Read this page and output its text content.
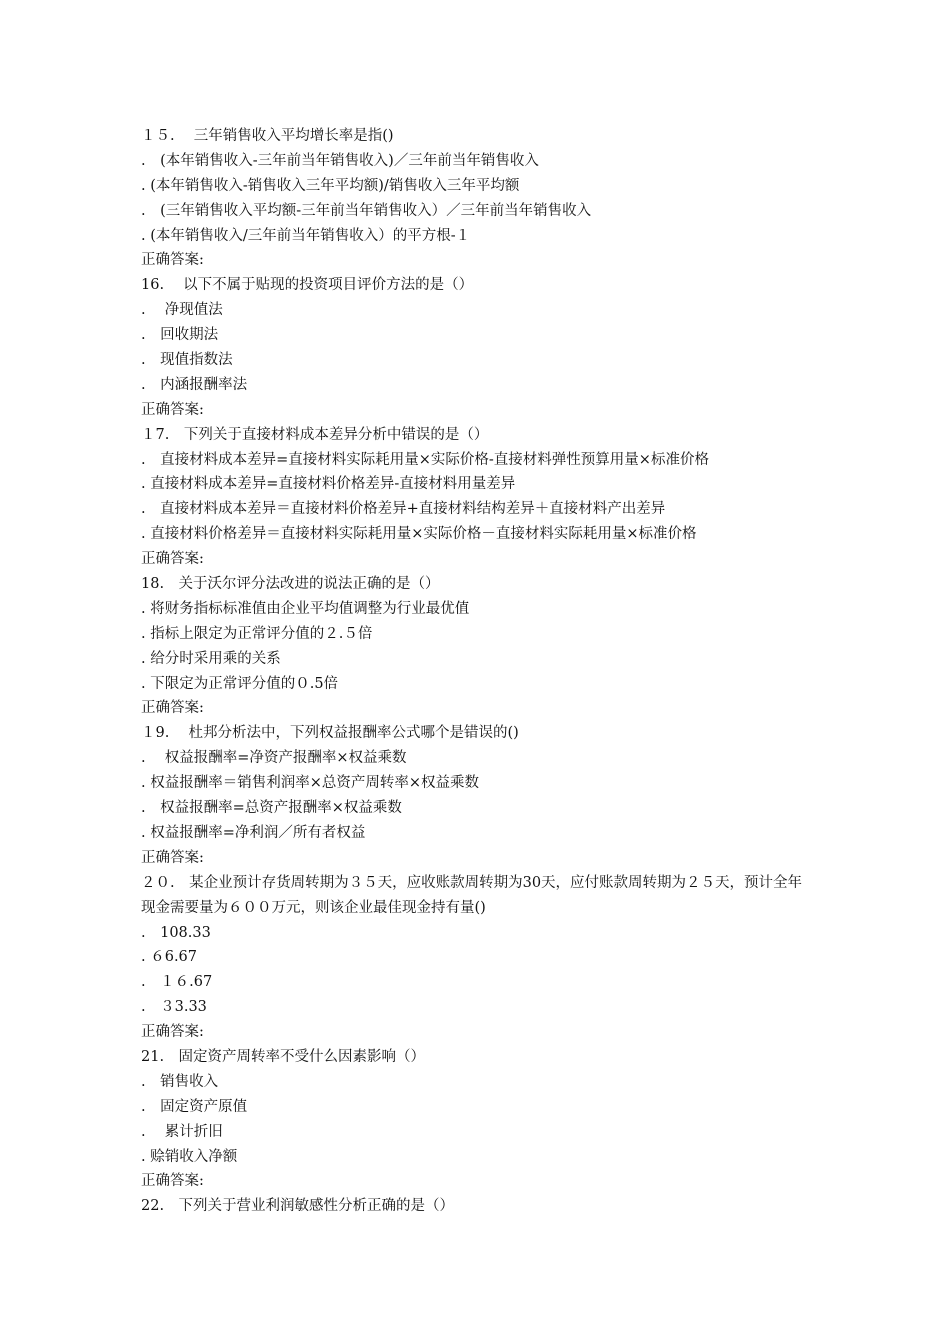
１５.　 三年销售收入平均增长率是指()
.　(本年销售收入-三年前当年销售收入)／三年前当年销售收入
. (本年销售收入-销售收入三年平均额)/销售收入三年平均额
.　(三年销售收入平均额-三年前当年销售收入）／三年前当年销售收入
. (本年销售收入/三年前当年销售收入）的平方根-１
正确答案:
16.　 以下不属于贴现的投资项目评价方法的是（）
.　 净现值法
.　回收期法
.　现值指数法
.　内涵报酬率法
正确答案:
１7.　下列关于直接材料成本差异分析中错误的是（）
.　直接材料成本差异=直接材料实际耗用量×实际价格-直接材料弹性预算用量×标准价格
. 直接材料成本差异=直接材料价格差异-直接材料用量差异
.　直接材料成本差异＝直接材料价格差异+直接材料结构差异＋直接材料产出差异
. 直接材料价格差异＝直接材料实际耗用量×实际价格－直接材料实际耗用量×标准价格
正确答案:
18.　关于沃尔评分法改进的说法正确的是（）
. 将财务指标标准值由企业平均值调整为行业最优值
. 指标上限定为正常评分值的２.５倍
. 给分时采用乘的关系
. 下限定为正常评分值的０.5倍
正确答案:
１9.　 杜邦分析法中，下列权益报酬率公式哪个是错误的()
.　 权益报酬率=净资产报酬率×权益乘数
. 权益报酬率＝销售利润率×总资产周转率×权益乘数
.　权益报酬率=总资产报酬率×权益乘数
. 权益报酬率=净利润／所有者权益
正确答案:
２０.　某企业预计存货周转期为３５天，应收账款周转期为30天，应付账款周转期为２５天，预计全年现金需要量为６００万元，则该企业最佳现金持有量()
.　108.33
. ６6.67
.　１６.67
.　３3.33
正确答案:
21.　固定资产周转率不受什么因素影响（）
.　销售收入
.　固定资产原值
.　 累计折旧
. 赊销收入净额
正确答案:
22.　下列关于营业利润敏感性分析正确的是（）
